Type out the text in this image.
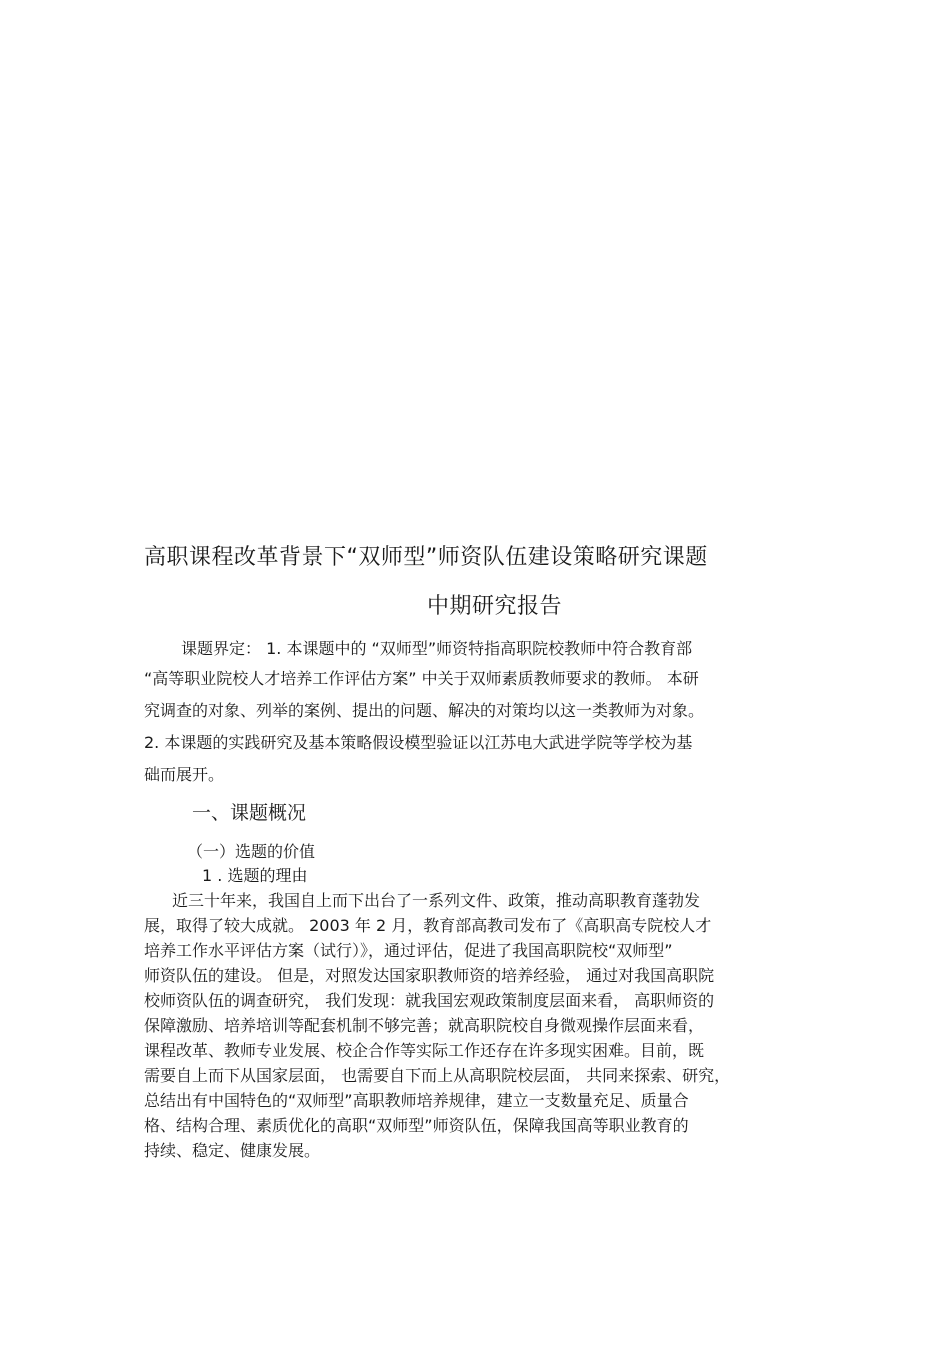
高职课程改革背景下“双师型”师资队伍建设策略研究课题
中期研究报告
课题界定： 1. 本课题中的 “双师型”师资特指高职院校教师中符合教育部
“高等职业院校人才培养工作评估方案” 中关于双师素质教师要求的教师。 本研
究调查的对象、列举的案例、提出的问题、解决的对策均以这一类教师为对象。
2. 本课题的实践研究及基本策略假设模型验证以江苏电大武进学院等学校为基
础而展开。
一、课题概况
（一）选题的价值
1 . 选题的理由
近三十年来，我国自上而下出台了一系列文件、政策，推动高职教育蓬勃发
展，取得了较大成就。 2003 年 2 月，教育部高教司发布了《高职高专院校人才
培养工作水平评估方案（试行）》，通过评估，促进了我国高职院校“双师型”
师资队伍的建设。 但是，对照发达国家职教师资的培养经验， 通过对我国高职院
校师资队伍的调查研究， 我们发现：就我国宏观政策制度层面来看， 高职师资的
保障激励、培养培训等配套机制不够完善；就高职院校自身微观操作层面来看，
课程改革、教师专业发展、校企合作等实际工作还存在许多现实困难。目前，既
需要自上而下从国家层面， 也需要自下而上从高职院校层面， 共同来探索、研究，
总结出有中国特色的“双师型”高职教师培养规律，建立一支数量充足、质量合
格、结构合理、素质优化的高职“双师型”师资队伍，保障我国高等职业教育的
持续、稳定、健康发展。
